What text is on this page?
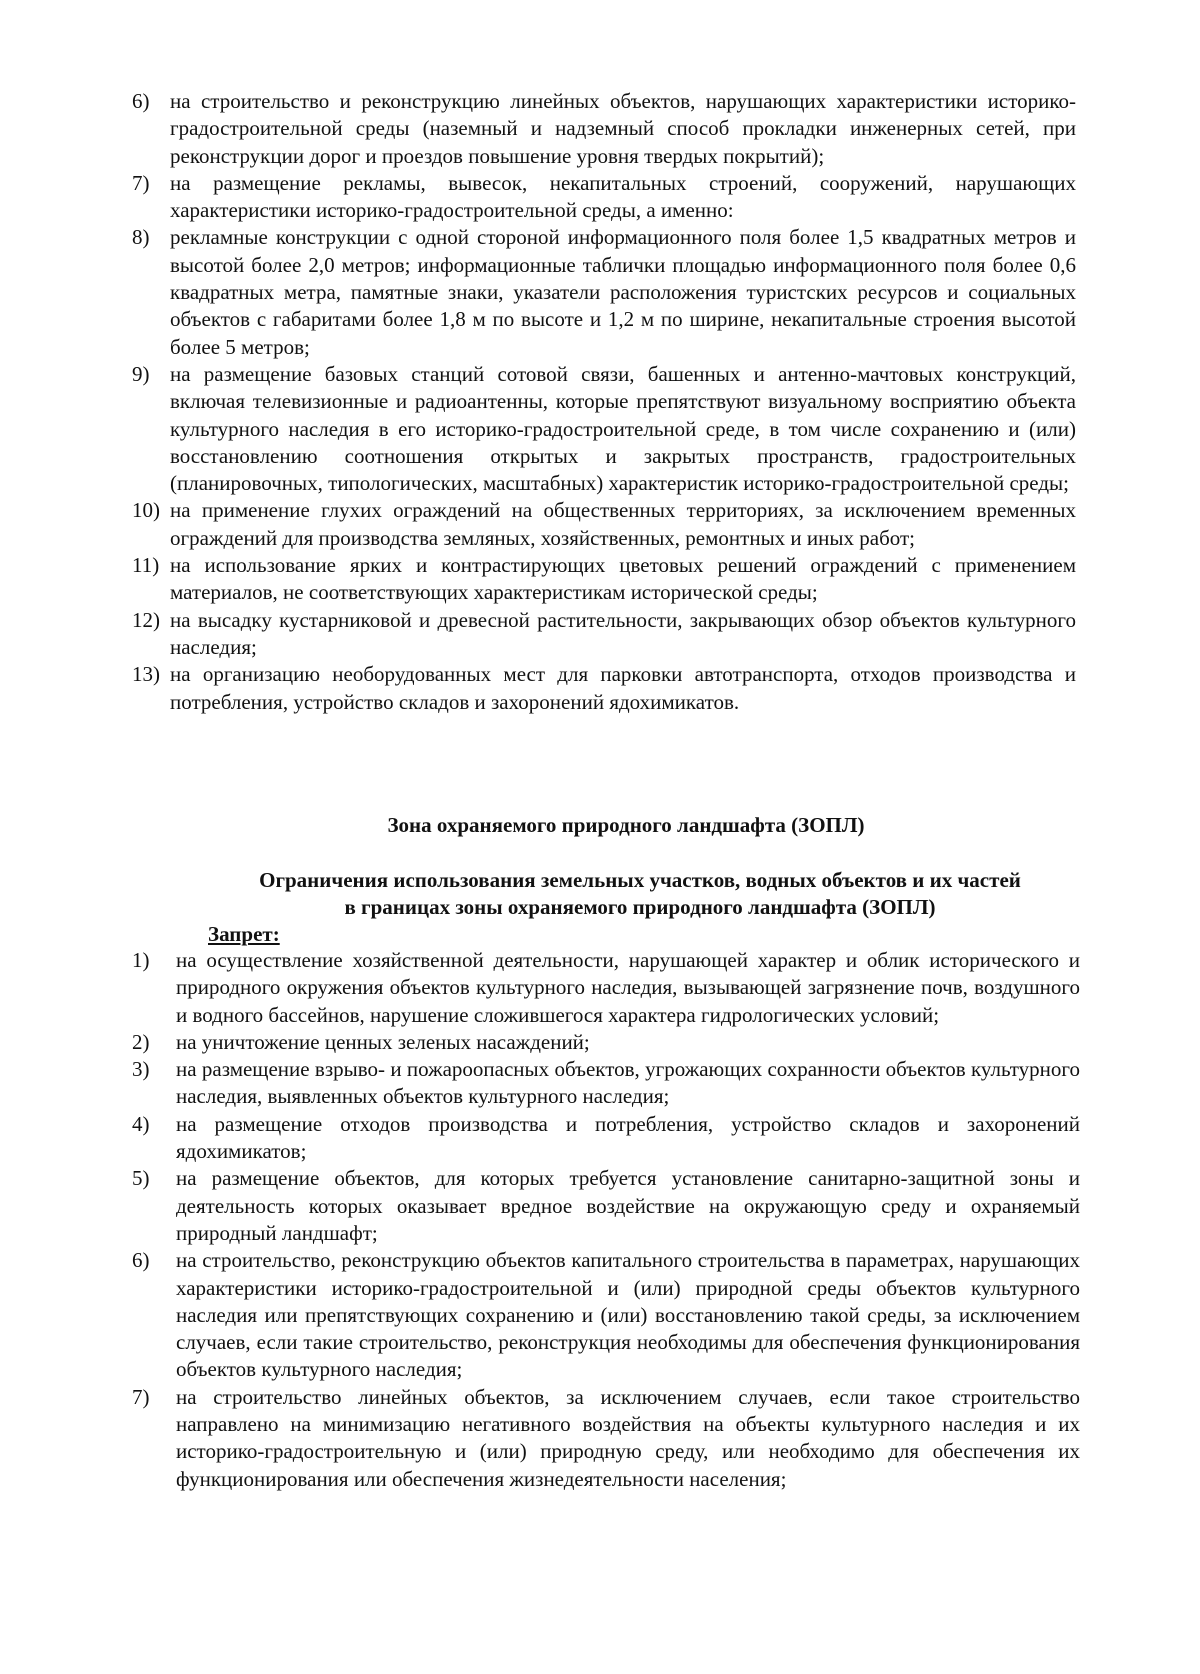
6) на строительство и реконструкцию линейных объектов, нарушающих характеристики историко-градостроительной среды (наземный и надземный способ прокладки инженерных сетей, при реконструкции дорог и проездов повышение уровня твердых покрытий);
7) на размещение рекламы, вывесок, некапитальных строений, сооружений, нарушающих характеристики историко-градостроительной среды, а именно:
8) рекламные конструкции с одной стороной информационного поля более 1,5 квадратных метров и высотой более 2,0 метров; информационные таблички площадью информационного поля более 0,6 квадратных метра, памятные знаки, указатели расположения туристских ресурсов и социальных объектов с габаритами более 1,8 м по высоте и 1,2 м по ширине, некапитальные строения высотой более 5 метров;
9) на размещение базовых станций сотовой связи, башенных и антенно-мачтовых конструкций, включая телевизионные и радиоантенны, которые препятствуют визуальному восприятию объекта культурного наследия в его историко-градостроительной среде, в том числе сохранению и (или) восстановлению соотношения открытых и закрытых пространств, градостроительных (планировочных, типологических, масштабных) характеристик историко-градостроительной среды;
10) на применение глухих ограждений на общественных территориях, за исключением временных ограждений для производства земляных, хозяйственных, ремонтных и иных работ;
11) на использование ярких и контрастирующих цветовых решений ограждений с применением материалов, не соответствующих характеристикам исторической среды;
12) на высадку кустарниковой и древесной растительности, закрывающих обзор объектов культурного наследия;
13) на организацию необорудованных мест для парковки автотранспорта, отходов производства и потребления, устройство складов и захоронений ядохимикатов.
Зона охраняемого природного ландшафта (ЗОПЛ)
Ограничения использования земельных участков, водных объектов и их частей
в границах зоны охраняемого природного ландшафта (ЗОПЛ)

Запрет:

1) на осуществление хозяйственной деятельности, нарушающей характер и облик исторического и природного окружения объектов культурного наследия, вызывающей загрязнение почв, воздушного и водного бассейнов, нарушение сложившегося характера гидрологических условий;
2) на уничтожение ценных зеленых насаждений;
3) на размещение взрыво- и пожароопасных объектов, угрожающих сохранности объектов культурного наследия, выявленных объектов культурного наследия;
4) на размещение отходов производства и потребления, устройство складов и захоронений ядохимикатов;
5) на размещение объектов, для которых требуется установление санитарно-защитной зоны и деятельность которых оказывает вредное воздействие на окружающую среду и охраняемый природный ландшафт;
6) на строительство, реконструкцию объектов капитального строительства в параметрах, нарушающих характеристики историко-градостроительной и (или) природной среды объектов культурного наследия или препятствующих сохранению и (или) восстановлению такой среды, за исключением случаев, если такие строительство, реконструкция необходимы для обеспечения функционирования объектов культурного наследия;
7) на строительство линейных объектов, за исключением случаев, если такое строительство направлено на минимизацию негативного воздействия на объекты культурного наследия и их историко-градостроительную и (или) природную среду, или необходимо для обеспечения их функционирования или обеспечения жизнедеятельности населения;
